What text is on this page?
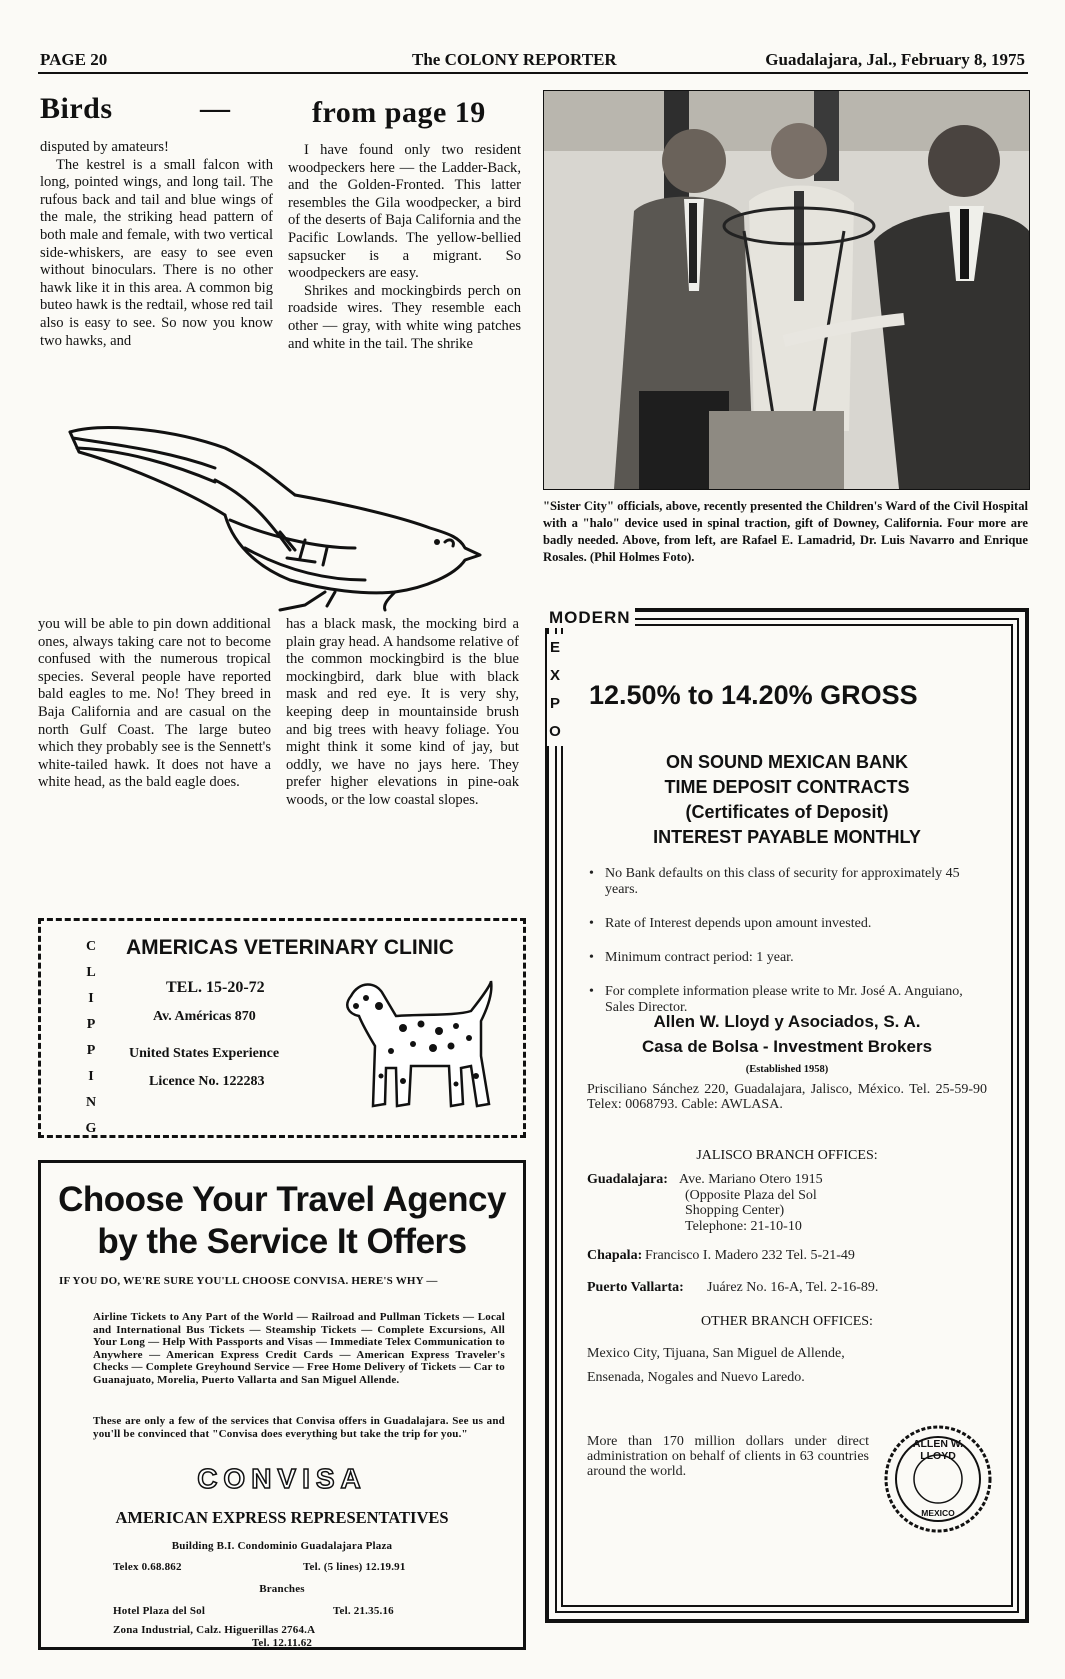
PAGE 20	The COLONY REPORTER	Guadalajara, Jal., February 8, 1975
Birds	—	from page 19

disputed by amateurs!

The kestrel is a small falcon with long, pointed wings, and long tail. The rufous back and tail and blue wings of the male, the striking head pattern of both male and female, with two vertical side-whiskers, are easy to see even without binoculars. There is no other hawk like it in this area. A common big buteo hawk is the redtail, whose red tail also is easy to see. So now you know two hawks, and

I have found only two resident woodpeckers here — the Ladder-Back, and the Golden-Fronted. This latter resembles the Gila woodpecker, a bird of the deserts of Baja California and the Pacific Lowlands. The yellow-bellied sapsucker is a migrant. So woodpeckers are easy.

Shrikes and mockingbirds perch on roadside wires. They resemble each other — gray, with white wing patches and white in the tail. The shrike

you will be able to pin down additional ones, always taking care not to become confused with the numerous tropical species. Several people have reported bald eagles to me. No! They breed in Baja California and are casual on the north Gulf Coast. The large buteo which they probably see is the Sennett's white-tailed hawk. It does not have a white head, as the bald eagle does.
has a black mask, the mocking bird a plain gray head. A handsome relative of the common mockingbird is the blue mockingbird, dark blue with black mask and red eye. It is very shy, keeping deep in mountainside brush and big trees with heavy foliage. You might think it some kind of jay, but oddly, we have no jays here. They prefer higher elevations in pine-oak woods, or the low coastal slopes.
"Sister City" officials, above, recently presented the Children's Ward of the Civil Hospital with a "halo" device used in spinal traction, gift of Downey, California. Four more are badly needed. Above, from left, are Rafael E. Lamadrid, Dr. Luis Navarro and Enrique Rosales. (Phil Holmes Foto).
C
L
I
P
P
I
N
G
AMERICAS VETERINARY CLINIC
TEL. 15-20-72
Av. Américas 870
United States Experience
Licence No. 122283
Choose Your Travel Agency
by the Service It Offers
IF YOU DO, WE'RE SURE YOU'LL CHOOSE CONVISA. HERE'S WHY —
Airline Tickets to Any Part of the World — Railroad and Pullman Tickets — Local and International Bus Tickets — Steamship Tickets — Complete Excursions, All Your Long — Help With Passports and Visas — Immediate Telex Communication to Anywhere — American Express Credit Cards — American Express Traveler's Checks — Complete Greyhound Service — Free Home Delivery of Tickets — Car to Guanajuato, Morelia, Puerto Vallarta and San Miguel Allende.
These are only a few of the services that Convisa offers in Guadalajara. See us and you'll be convinced that "Convisa does everything but take the trip for you."
CONVISA
AMERICAN EXPRESS REPRESENTATIVES
Building B.I. Condominio Guadalajara Plaza
Telex 0.68.862	Tel. (5 lines) 12.19.91
Branches
Hotel Plaza del Sol	Tel. 21.35.16
Zona Industrial, Calz. Higuerillas 2764.A
Tel. 12.11.62
MODERN
EXPO
12.50% to 14.20% GROSS
ON SOUND MEXICAN BANK
TIME DEPOSIT CONTRACTS
(Certificates of Deposit)
INTEREST PAYABLE MONTHLY
• No Bank defaults on this class of security for approximately 45 years.
• Rate of Interest depends upon amount invested.
• Minimum contract period: 1 year.
• For complete information please write to Mr. José A. Anguiano, Sales Director.
Allen W. Lloyd y Asociados, S. A.
Casa de Bolsa - Investment Brokers
(Established 1958)
Prisciliano Sánchez 220, Guadalajara, Jalisco, México. Tel. 25-59-90 Telex: 0068793. Cable: AWLASA.
JALISCO BRANCH OFFICES:
Guadalajara: Ave. Mariano Otero 1915
(Opposite Plaza del Sol
Shopping Center)
Telephone: 21-10-10
Chapala: Francisco I. Madero 232 Tel. 5-21-49
Puerto Vallarta: Juárez No. 16-A, Tel. 2-16-89.
OTHER BRANCH OFFICES:
Mexico City, Tijuana, San Miguel de Allende,
Ensenada, Nogales and Nuevo Laredo.
More than 170 million dollars under direct administration on behalf of clients in 63 countries around the world.
ALLEN W. LLOYD
MEXICO
